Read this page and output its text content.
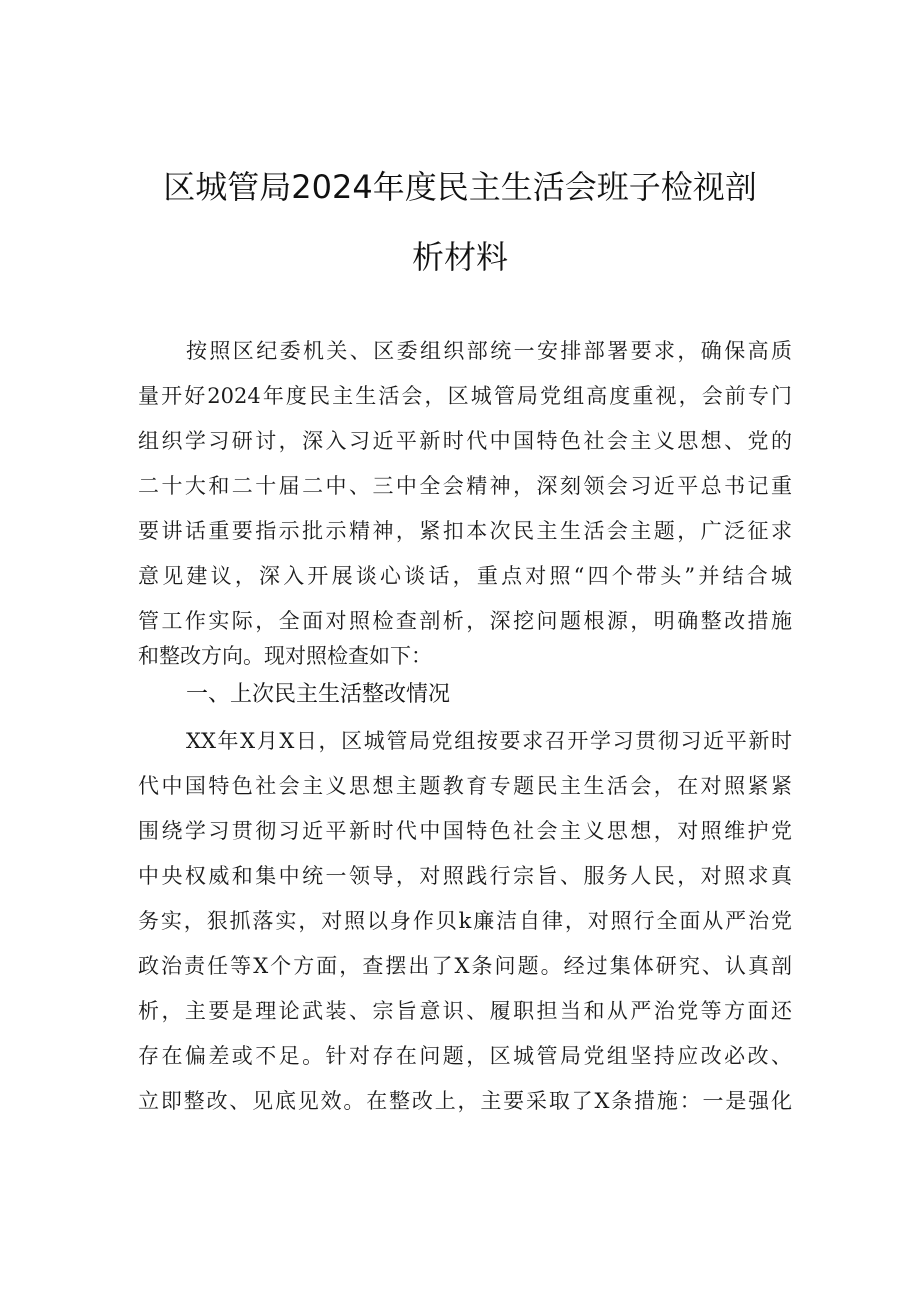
区城管局2024年度民主生活会班子检视剖
析材料
按照区纪委机关、区委组织部统一安排部署要求，确保高质
量开好2024年度民主生活会，区城管局党组高度重视，会前专门
组织学习研讨，深入习近平新时代中国特色社会主义思想、党的
二十大和二十届二中、三中全会精神，深刻领会习近平总书记重
要讲话重要指示批示精神，紧扣本次民主生活会主题，广泛征求
意见建议，深入开展谈心谈话，重点对照“四个带头”并结合城
管工作实际，全面对照检查剖析，深挖问题根源，明确整改措施
和整改方向。现对照检查如下：
一、上次民主生活整改情况
XX年X月X日，区城管局党组按要求召开学习贯彻习近平新时
代中国特色社会主义思想主题教育专题民主生活会，在对照紧紧
围绕学习贯彻习近平新时代中国特色社会主义思想，对照维护党
中央权威和集中统一领导，对照践行宗旨、服务人民，对照求真
务实，狠抓落实，对照以身作贝k廉洁自律，对照行全面从严治党
政治责任等X个方面，查摆出了X条问题。经过集体研究、认真剖
析，主要是理论武装、宗旨意识、履职担当和从严治党等方面还
存在偏差或不足。针对存在问题，区城管局党组坚持应改必改、
立即整改、见底见效。在整改上，主要采取了X条措施：一是强化
